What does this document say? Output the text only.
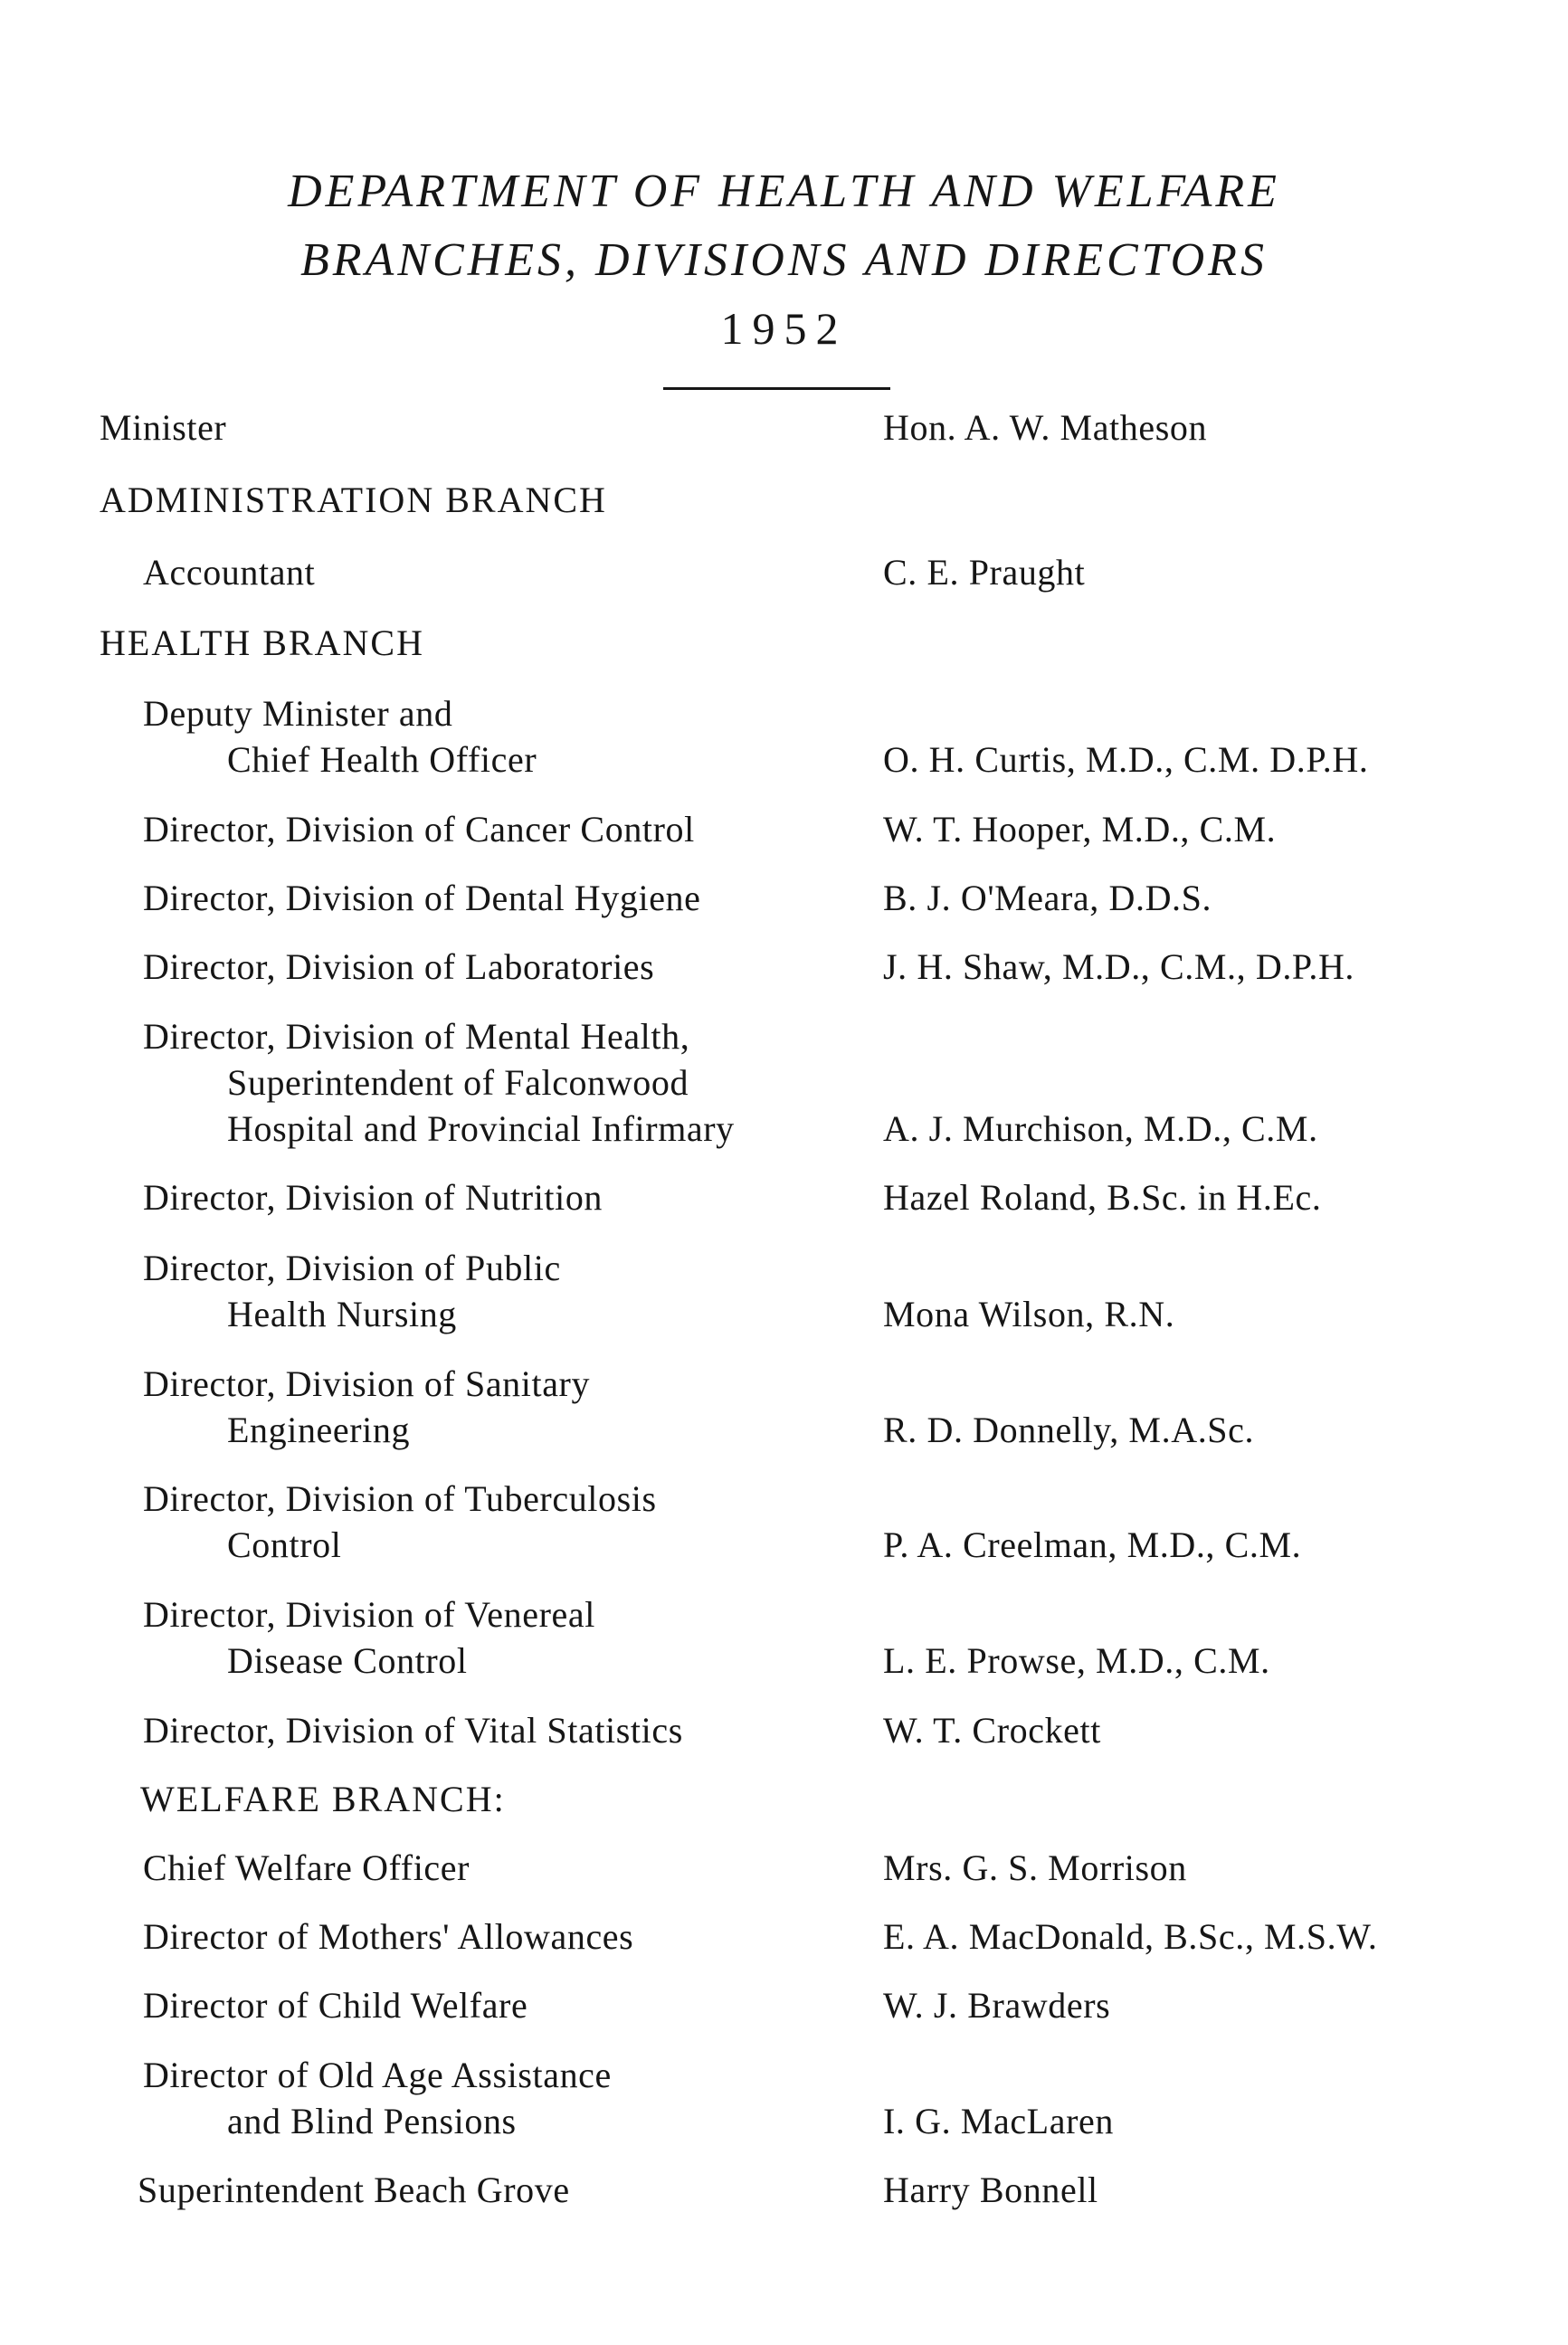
DEPARTMENT OF HEALTH AND WELFARE
BRANCHES, DIVISIONS AND DIRECTORS
1952
Minister	Hon. A. W. Matheson
ADMINISTRATION BRANCH
Accountant	C. E. Praught
HEALTH BRANCH
Deputy Minister and
Chief Health Officer	O. H. Curtis, M.D., C.M. D.P.H.
Director, Division of Cancer Control	W. T. Hooper, M.D., C.M.
Director, Division of Dental Hygiene	B. J. O'Meara, D.D.S.
Director, Division of Laboratories	J. H. Shaw, M.D., C.M., D.P.H.
Director, Division of Mental Health,
Superintendent of Falconwood
Hospital and Provincial Infirmary	A. J. Murchison, M.D., C.M.
Director, Division of Nutrition	Hazel Roland, B.Sc. in H.Ec.
Director, Division of Public
Health Nursing	Mona Wilson, R.N.
Director, Division of Sanitary
Engineering	R. D. Donnelly, M.A.Sc.
Director, Division of Tuberculosis
Control	P. A. Creelman, M.D., C.M.
Director, Division of Venereal
Disease Control	L. E. Prowse, M.D., C.M.
Director, Division of Vital Statistics	W. T. Crockett
WELFARE BRANCH:
Chief Welfare Officer	Mrs. G. S. Morrison
Director of Mothers' Allowances	E. A. MacDonald, B.Sc., M.S.W.
Director of Child Welfare	W. J. Brawders
Director of Old Age Assistance
and Blind Pensions	I. G. MacLaren
Superintendent Beach Grove	Harry Bonnell
